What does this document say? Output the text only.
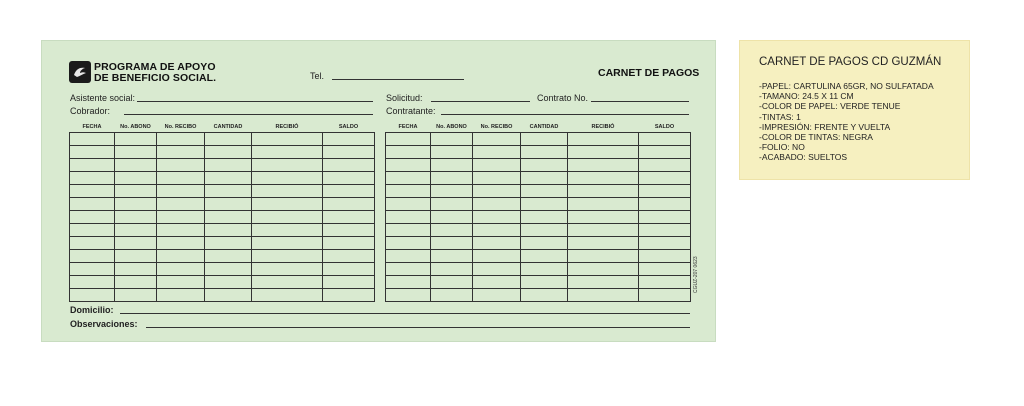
PROGRAMA DE APOYO
DE BENEFICIO SOCIAL.	Tel.	CARNET DE PAGOS
Asistente social:
Cobrador:
Solicitud:	Contrato No.
Contratante:
FECHA	No. ABONO	No. RECIBO	CANTIDAD	RECIBIÓ	SALDO

						FECHA	No. ABONO	No. RECIBO	CANTIDAD	RECIBIÓ	SALDO

CGUZ-207 0623
Domicilio:
Observaciones:
CARNET DE PAGOS CD GUZMÁN
-PAPEL: CARTULINA 65GR, NO SULFATADA
-TAMANO: 24.5 X 11 CM
-COLOR DE PAPEL: VERDE TENUE
-TINTAS: 1
-IMPRESIÓN: FRENTE Y VUELTA
-COLOR DE TINTAS: NEGRA
-FOLIO: NO
-ACABADO: SUELTOS
